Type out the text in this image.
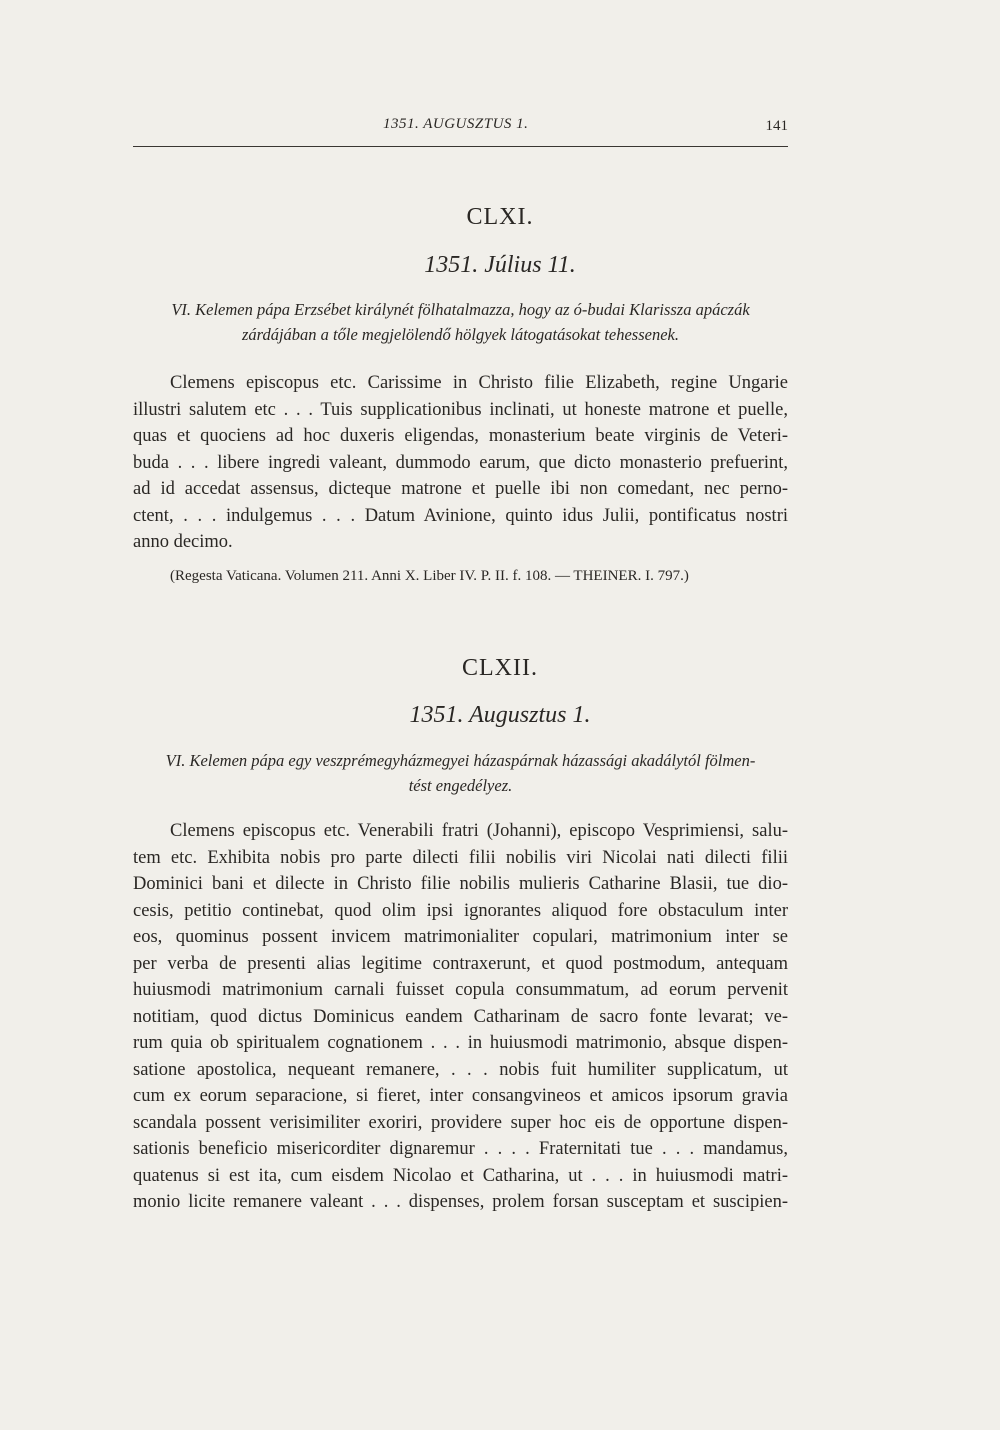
1351. AUGUSZTUS 1.	141
CLXI.
1351. Július 11.
VI. Kelemen pápa Erzsébet királynét fölhatalmazza, hogy az ó-budai Klarissza apáczák
zárdájában a tőle megjelölendő hölgyek látogatásokat tehessenek.
Clemens episcopus etc. Carissime in Christo filie Elizabeth, regine Ungarie
illustri salutem etc . . . Tuis supplicationibus inclinati, ut honeste matrone et puelle,
quas et quociens ad hoc duxeris eligendas, monasterium beate virginis de Veteri-
buda . . . libere ingredi valeant, dummodo earum, que dicto monasterio prefuerint,
ad id accedat assensus, dicteque matrone et puelle ibi non comedant, nec perno-
ctent, . . . indulgemus . . . Datum Avinione, quinto idus Julii, pontificatus nostri
anno decimo.
(Regesta Vaticana. Volumen 211. Anni X. Liber IV. P. II. f. 108. — THEINER. I. 797.)
CLXII.
1351. Augusztus 1.
VI. Kelemen pápa egy veszprémegyházmegyei házaspárnak házassági akadálytól fölmen-
tést engedélyez.
Clemens episcopus etc. Venerabili fratri (Johanni), episcopo Vesprimiensi, salu-
tem etc. Exhibita nobis pro parte dilecti filii nobilis viri Nicolai nati dilecti filii
Dominici bani et dilecte in Christo filie nobilis mulieris Catharine Blasii, tue dio-
cesis, petitio continebat, quod olim ipsi ignorantes aliquod fore obstaculum inter
eos, quominus possent invicem matrimonialiter copulari, matrimonium inter se
per verba de presenti alias legitime contraxerunt, et quod postmodum, antequam
huiusmodi matrimonium carnali fuisset copula consummatum, ad eorum pervenit
notitiam, quod dictus Dominicus eandem Catharinam de sacro fonte levarat; ve-
rum quia ob spiritualem cognationem . . . in huiusmodi matrimonio, absque dispen-
satione apostolica, nequeant remanere, . . . nobis fuit humiliter supplicatum, ut
cum ex eorum separacione, si fieret, inter consangvineos et amicos ipsorum gravia
scandala possent verisimiliter exoriri, providere super hoc eis de opportune dispen-
sationis beneficio misericorditer dignaremur . . . . Fraternitati tue . . . mandamus,
quatenus si est ita, cum eisdem Nicolao et Catharina, ut . . . in huiusmodi matri-
monio licite remanere valeant . . . dispenses, prolem forsan susceptam et suscipien-
